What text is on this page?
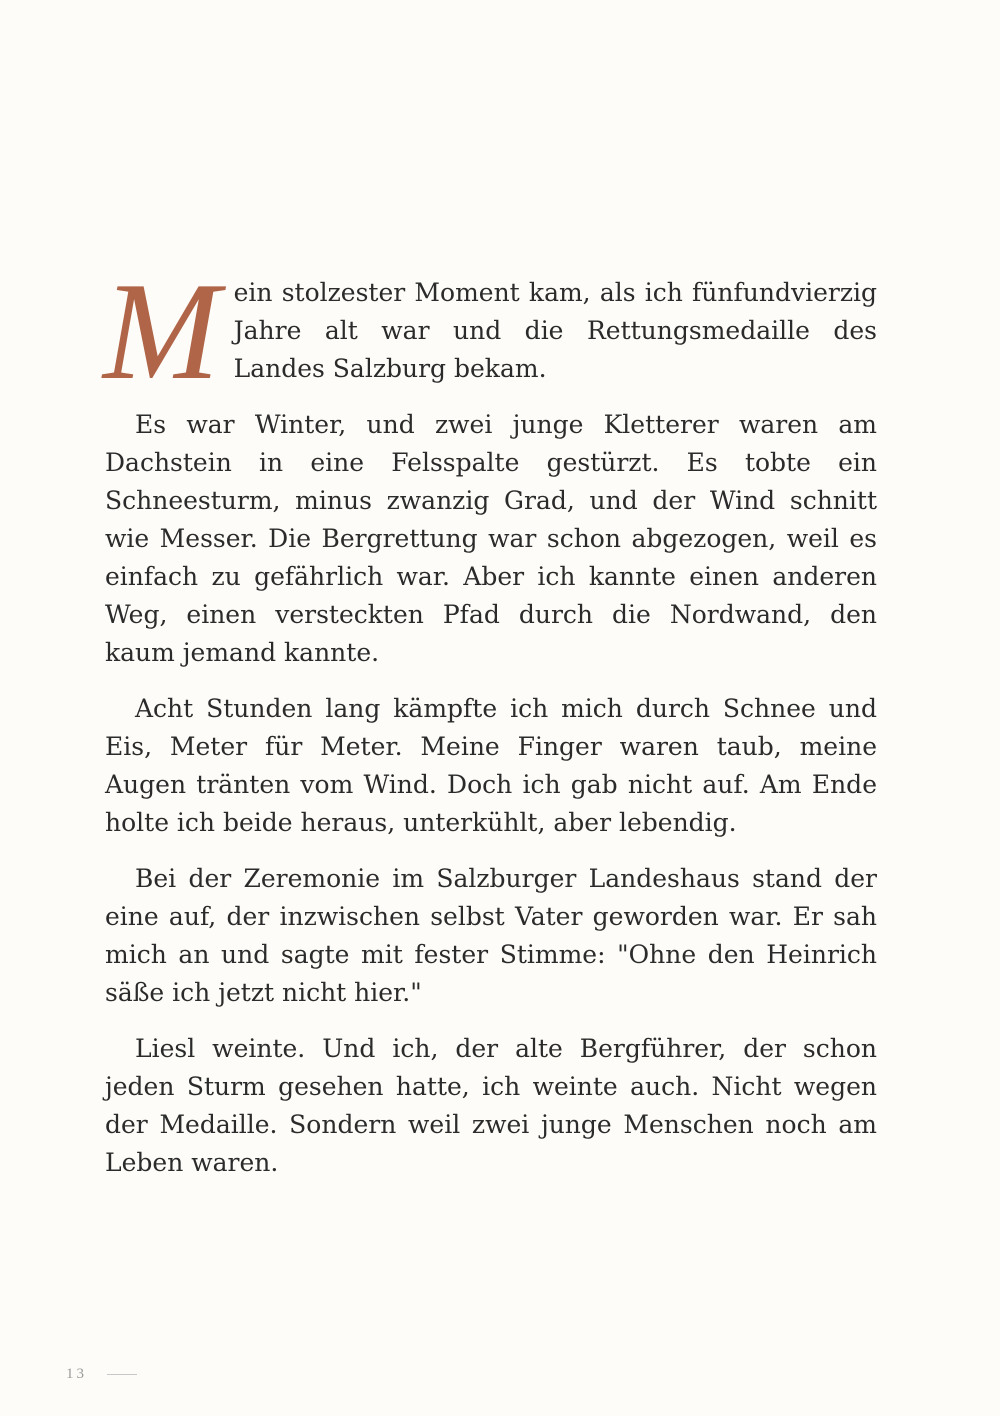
M ein stolzester Moment kam, als ich fünfundvierzig Jahre alt war und die Rettungsmedaille des Landes Salzburg bekam.

Es war Winter, und zwei junge Kletterer waren am Dachstein in eine Felsspalte gestürzt. Es tobte ein Schneesturm, minus zwanzig Grad, und der Wind schnitt wie Messer. Die Bergrettung war schon abgezogen, weil es einfach zu gefährlich war. Aber ich kannte einen anderen Weg, einen versteckten Pfad durch die Nordwand, den kaum jemand kannte.

Acht Stunden lang kämpfte ich mich durch Schnee und Eis, Meter für Meter. Meine Finger waren taub, meine Augen tränten vom Wind. Doch ich gab nicht auf. Am Ende holte ich beide heraus, unterkühlt, aber lebendig.

Bei der Zeremonie im Salzburger Landeshaus stand der eine auf, der inzwischen selbst Vater geworden war. Er sah mich an und sagte mit fester Stimme: "Ohne den Heinrich säße ich jetzt nicht hier."

Liesl weinte. Und ich, der alte Bergführer, der schon jeden Sturm gesehen hatte, ich weinte auch. Nicht wegen der Medaille. Sondern weil zwei junge Menschen noch am Leben waren.

13
